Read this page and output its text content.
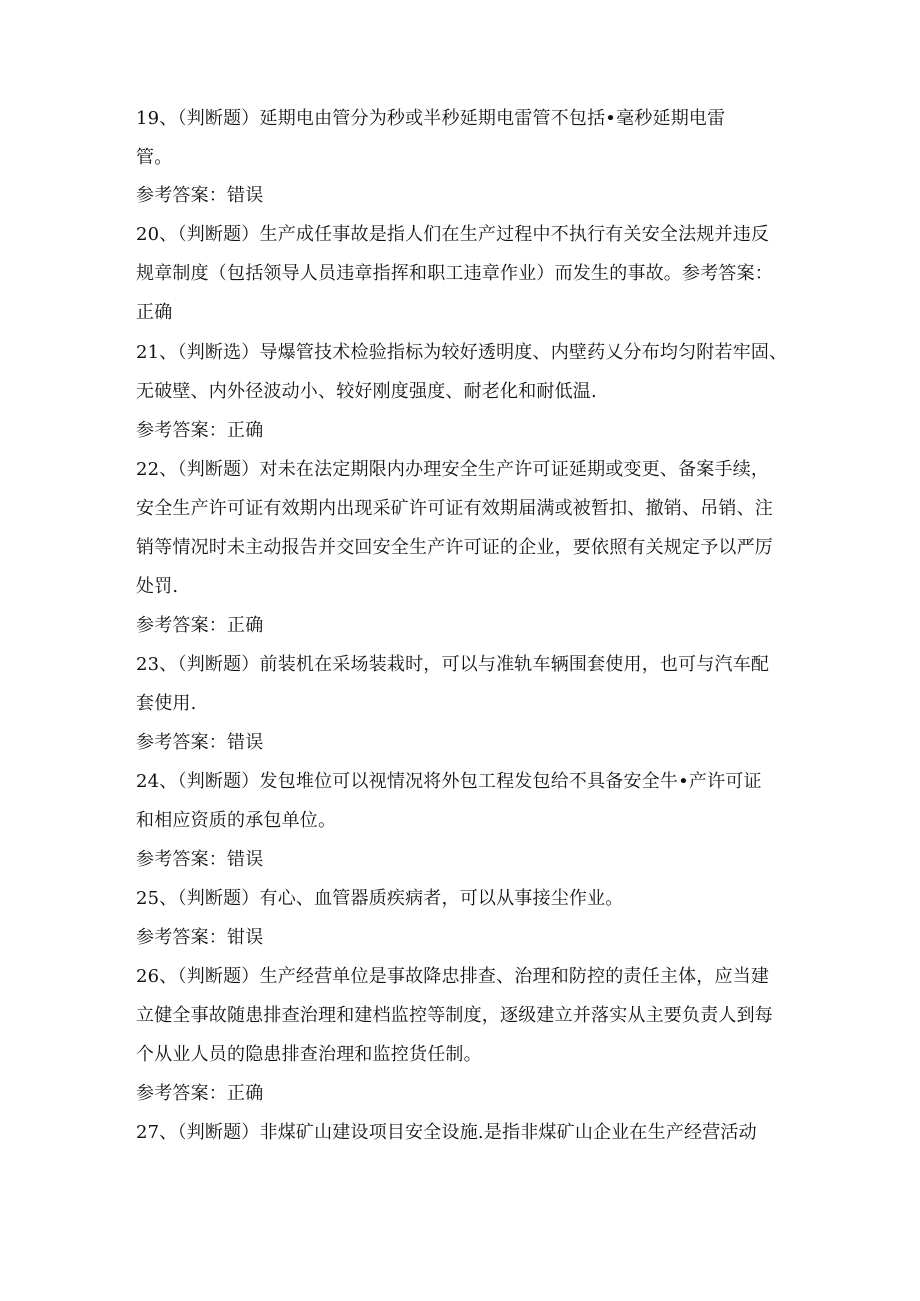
19、（判断题）延期电由管分为秒或半秒延期电雷管不包括•毫秒延期电雷
管。
参考答案：错误
20、（判断题）生产成任事故是指人们在生产过程中不执行有关安全法规并违反
规章制度（包括领导人员违章指挥和职工违章作业）而发生的事故。参考答案：
正确
21、（判断选）导爆管技术检验指标为较好透明度、内壁药乂分布均匀附若牢固、
无破壁、内外径波动小、较好刚度强度、耐老化和耐低温.
参考答案：正确
22、（判断题）对未在法定期限内办理安全生产许可证延期或变更、备案手续，
安全生产许可证有效期内出现采矿许可证有效期届满或被暂扣、撤销、吊销、注
销等情况时未主动报告并交回安全生产许可证的企业，要依照有关规定予以严厉
处罚.
参考答案：正确
23、（判断题）前装机在采场装栽时，可以与准轨车辆围套使用，也可与汽车配
套使用.
参考答案：错误
24、（判断题）发包堆位可以视情况将外包工程发包给不具备安全牛•产许可证
和相应资质的承包单位。
参考答案：错误
25、（判断题）有心、血管器质疾病者，可以从事接尘作业。
参考答案：钳误
26、（判断题）生产经营单位是事故降忠排查、治理和防控的责任主体，应当建
立健全事故随患排查治理和建档监控等制度，逐级建立并落实从主要负责人到每
个从业人员的隐患排查治理和监控货任制。
参考答案：正确
27、（判断题）非煤矿山建设项目安全设施.是指非煤矿山企业在生产经营活动
